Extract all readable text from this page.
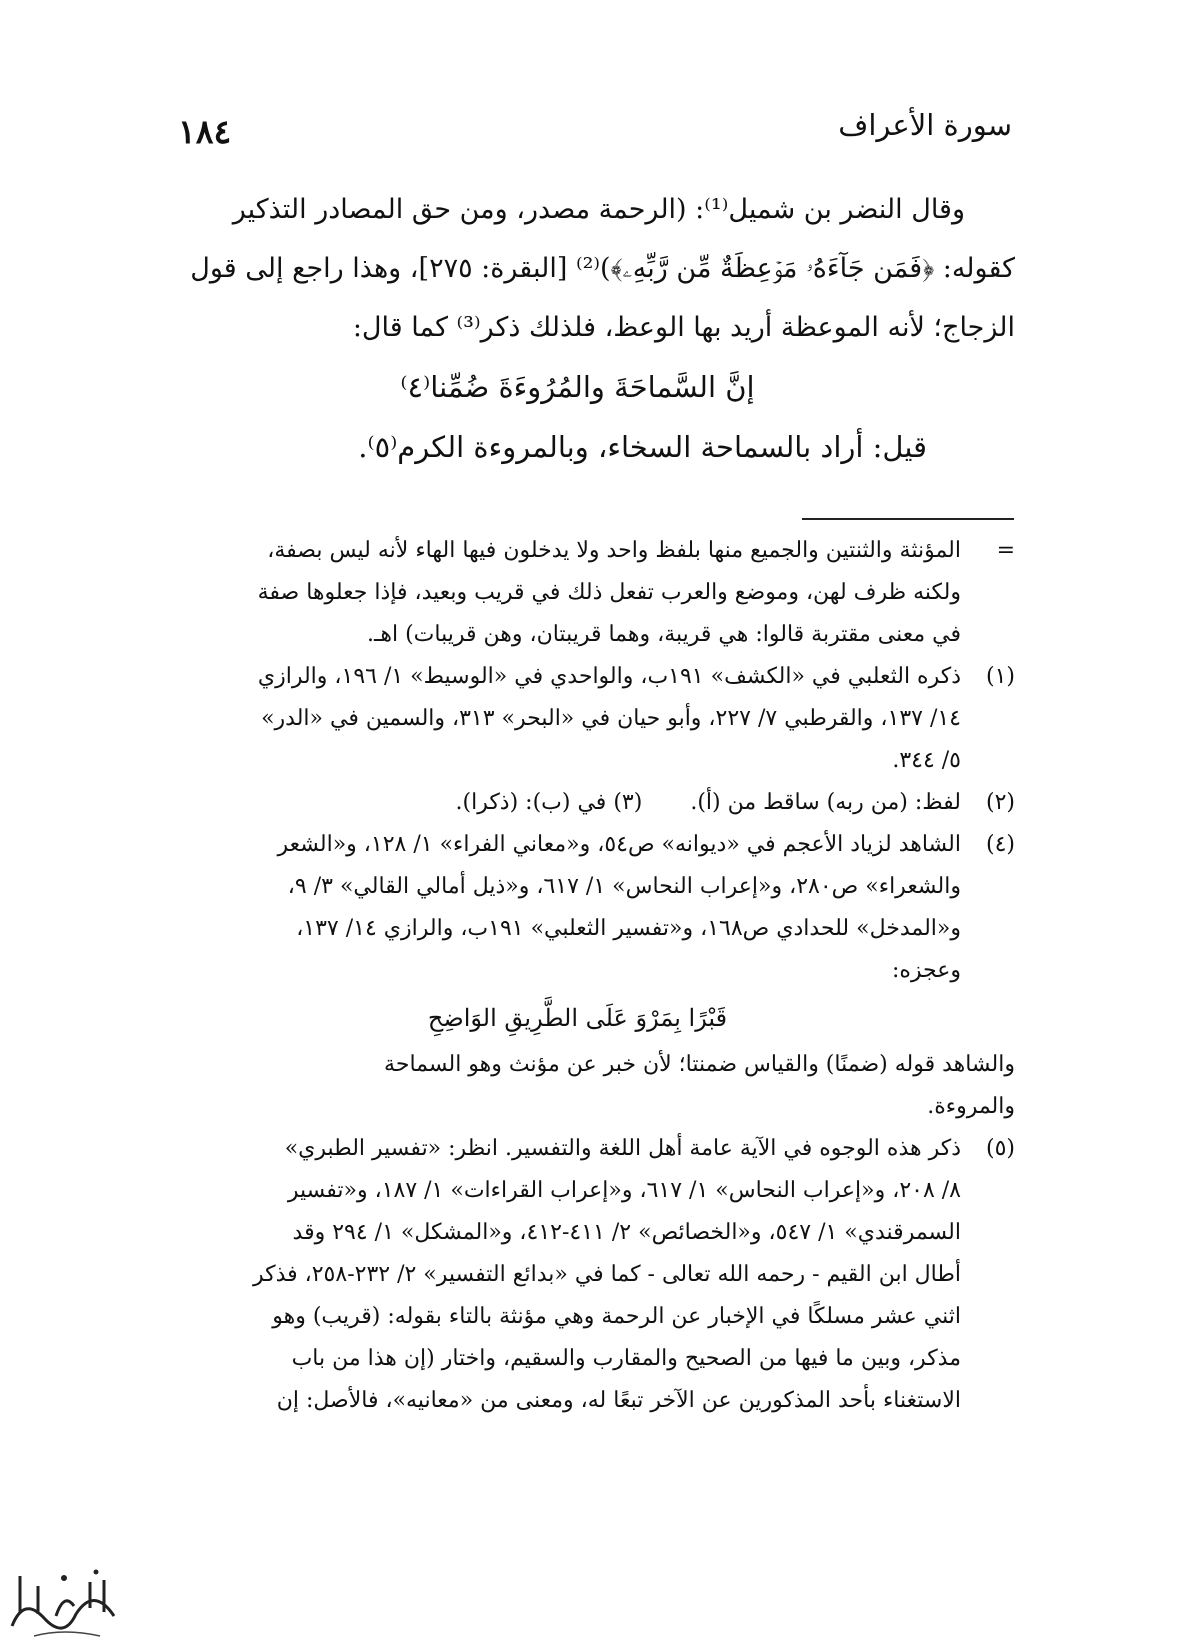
سورة الأعراف
١٨٤
وقال النضر بن شميل⁽¹⁾: (الرحمة مصدر، ومن حق المصادر التذكير
كقوله: ﴿فَمَن جَآءَهُۥ مَوۡعِظَةٌ مِّن رَّبِّهِۦ﴾)⁽²⁾ [البقرة: ٢٧٥]، وهذا راجع إلى قول
الزجاج؛ لأنه الموعظة أريد بها الوعظ، فلذلك ذكر⁽³⁾ كما قال:
إنَّ السَّماحَةَ والمُرُوءَةَ ضُمِّنا⁽٤⁾
قيل: أراد بالسماحة السخاء، وبالمروءة الكرم⁽٥⁾.
=
المؤنثة والثنتين والجميع منها بلفظ واحد ولا يدخلون فيها الهاء لأنه ليس بصفة،
ولكنه ظرف لهن، وموضع والعرب تفعل ذلك في قريب وبعيد، فإذا جعلوها صفة
في معنى مقتربة قالوا: هي قريبة، وهما قريبتان، وهن قريبات) اهـ.
(١)
ذكره الثعلبي في «الكشف» ١٩١ب، والواحدي في «الوسيط» ١/ ١٩٦، والرازي
١٤/ ١٣٧، والقرطبي ٧/ ٢٢٧، وأبو حيان في «البحر» ٣١٣، والسمين في «الدر»
٥/ ٣٤٤.
(٢)
لفظ: (من ربه) ساقط من (أ).(٣) في (ب): (ذكرا).
(٤)
الشاهد لزياد الأعجم في «ديوانه» ص٥٤، و«معاني الفراء» ١/ ١٢٨، و«الشعر
والشعراء» ص٢٨٠، و«إعراب النحاس» ١/ ٦١٧، و«ذيل أمالي القالي» ٣/ ٩،
و«المدخل» للحدادي ص١٦٨، و«تفسير الثعلبي» ١٩١ب، والرازي ١٤/ ١٣٧،
وعجزه:
قَبْرًا بِمَرْوَ عَلَى الطَّرِيقِ الوَاضِحِ
والشاهد قوله (ضمنًا) والقياس ضمنتا؛ لأن خبر عن مؤنث وهو السماحة
والمروءة.
(٥)
ذكر هذه الوجوه في الآية عامة أهل اللغة والتفسير. انظر: «تفسير الطبري»
٨/ ٢٠٨، و«إعراب النحاس» ١/ ٦١٧، و«إعراب القراءات» ١/ ١٨٧، و«تفسير
السمرقندي» ١/ ٥٤٧، و«الخصائص» ٢/ ٤١١-٤١٢، و«المشكل» ١/ ٢٩٤ وقد
أطال ابن القيم - رحمه الله تعالى - كما في «بدائع التفسير» ٢/ ٢٣٢-٢٥٨، فذكر
اثني عشر مسلكًا في الإخبار عن الرحمة وهي مؤنثة بالتاء بقوله: (قريب) وهو
مذكر، وبين ما فيها من الصحيح والمقارب والسقيم، واختار (إن هذا من باب
الاستغناء بأحد المذكورين عن الآخر تبعًا له، ومعنى من «معانيه»، فالأصل: إن
